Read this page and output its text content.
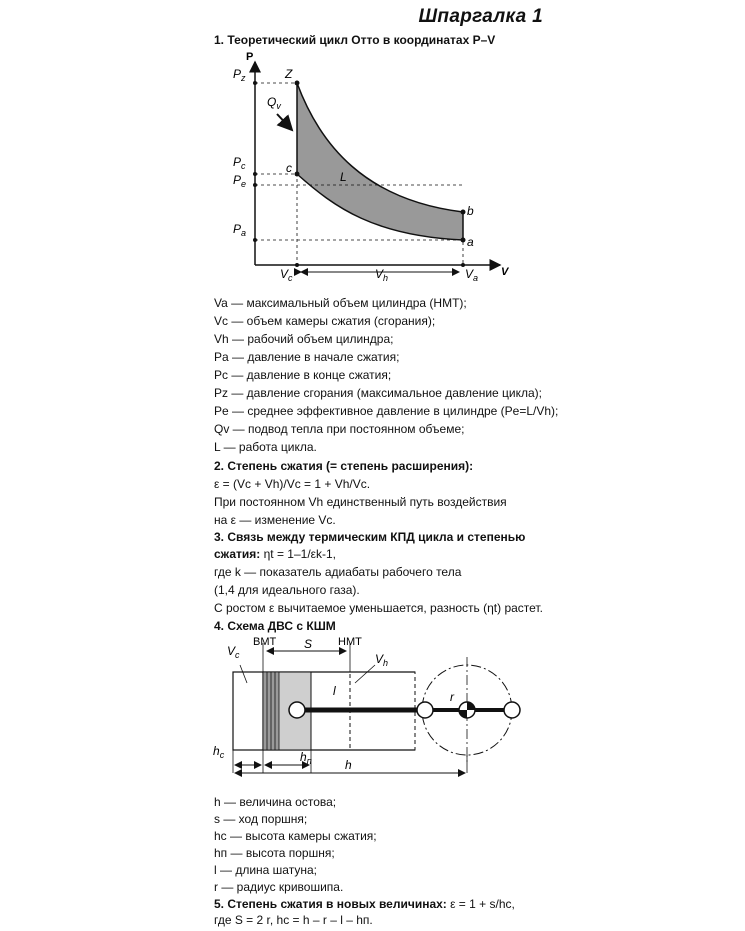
Шпаргалка 1
1. Теоретический цикл Отто в координатах P–V
P
V
Z
c
b
a
L
$P_z$
$P_c$
$P_e$
$P_a$
$Q_v$
$V_c$	$V_h$	$V_a$
Va — максимальный объем цилиндра (НМТ);
Vc — объем камеры сжатия (сгорания);
Vh — рабочий объем цилиндра;
Pa — давление в начале сжатия;
Pc — давление в конце сжатия;
Pz — давление сгорания (максимальное давление цикла);
Pe — среднее эффективное давление в цилиндре (Pe=L/Vh);
Qv — подвод тепла при постоянном объеме;
L — работа цикла.
2. Степень сжатия (= степень расширения):
ε = (Vc + Vh)/Vc = 1 + Vh/Vc.
При постоянном Vh единственный путь воздействия
на ε — изменение Vc.
3. Связь между термическим КПД цикла и степенью
сжатия: ηt = 1–1/εk-1,
где k — показатель адиабаты рабочего тела
(1,4 для идеального газа).
С ростом ε вычитаемое уменьшается, разность (ηt) растет.
4. Схема ДВС с КШМ
r
ВМТ	НМТ
S
$V_c$	$V_h$
l
$h_c$	$h_п$	h
h — величина остова;
s — ход поршня;
hc — высота камеры сжатия;
hп — высота поршня;
l — длина шатуна;
r — радиус кривошипа.
5. Степень сжатия в новых величинах: ε = 1 + s/hc,
где S = 2 r, hc = h – r – l – hп.
